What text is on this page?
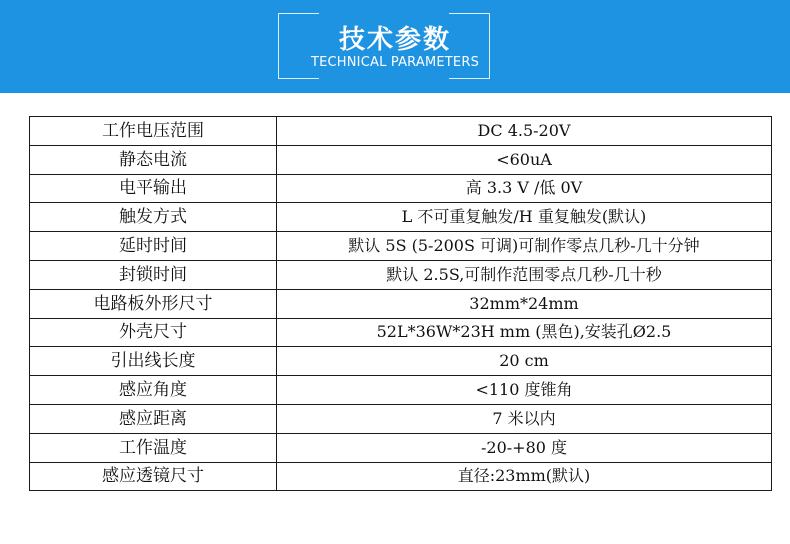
技术参数
TECHNICAL PARAMETERS
工作电压范围	DC 4.5-20V
静态电流	<60uA
电平输出	高 3.3 V /低 0V
触发方式	L 不可重复触发/H 重复触发(默认)
延时时间	默认 5S (5-200S 可调)可制作零点几秒-几十分钟
封锁时间	默认 2.5S,可制作范围零点几秒-几十秒
电路板外形尺寸	32mm*24mm
外壳尺寸	52L*36W*23H mm (黑色),安装孔Ø2.5
引出线长度	20 cm
感应角度	<110 度锥角
感应距离	7 米以内
工作温度	-20-+80 度
感应透镜尺寸	直径:23mm(默认)
